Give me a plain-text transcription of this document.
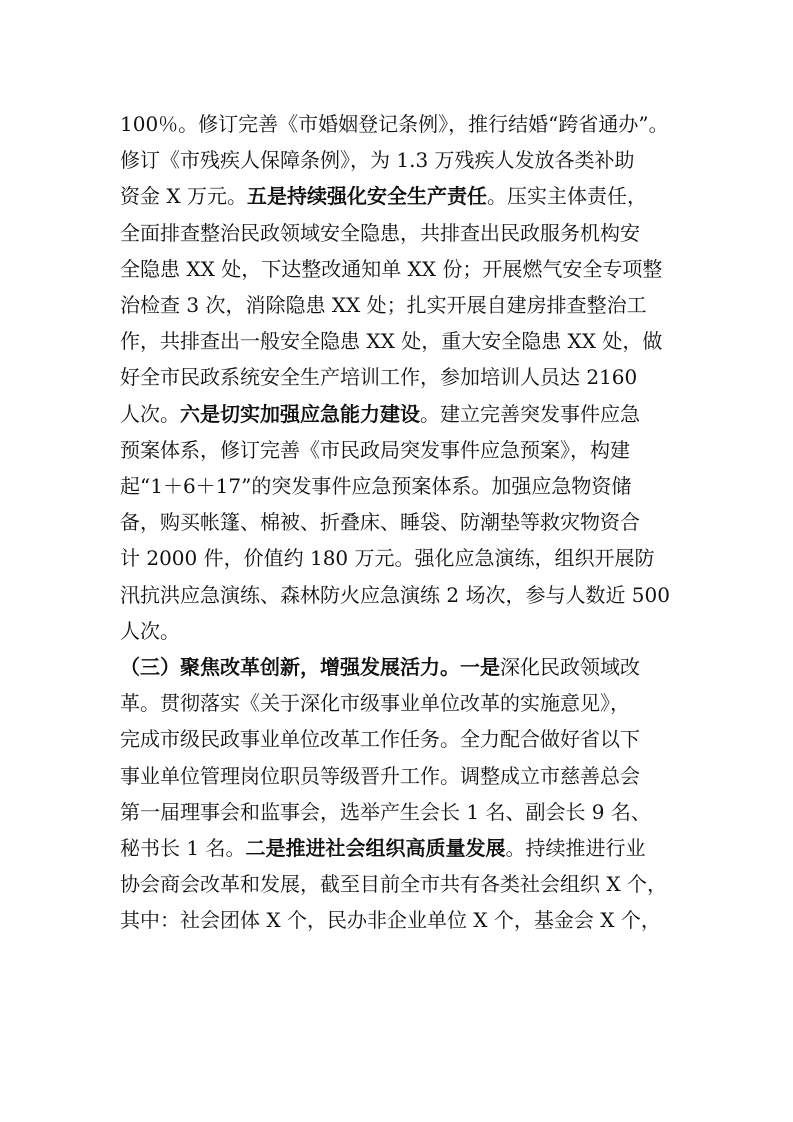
100％。修订完善《市婚姻登记条例》，推行结婚“跨省通办”。
修订《市残疾人保障条例》，为 1.3 万残疾人发放各类补助
资金 X 万元。五是持续强化安全生产责任。压实主体责任，
全面排查整治民政领域安全隐患，共排查出民政服务机构安
全隐患 XX 处，下达整改通知单 XX 份；开展燃气安全专项整
治检查 3 次，消除隐患 XX 处；扎实开展自建房排查整治工
作，共排查出一般安全隐患 XX 处，重大安全隐患 XX 处，做
好全市民政系统安全生产培训工作，参加培训人员达 2160
人次。六是切实加强应急能力建设。建立完善突发事件应急
预案体系，修订完善《市民政局突发事件应急预案》，构建
起“1＋6＋17”的突发事件应急预案体系。加强应急物资储
备，购买帐篷、棉被、折叠床、睡袋、防潮垫等救灾物资合
计 2000 件，价值约 180 万元。强化应急演练，组织开展防
汛抗洪应急演练、森林防火应急演练 2 场次，参与人数近 500
人次。
（三）聚焦改革创新，增强发展活力。一是深化民政领域改
革。贯彻落实《关于深化市级事业单位改革的实施意见》，
完成市级民政事业单位改革工作任务。全力配合做好省以下
事业单位管理岗位职员等级晋升工作。调整成立市慈善总会
第一届理事会和监事会，选举产生会长 1 名、副会长 9 名、
秘书长 1 名。二是推进社会组织高质量发展。持续推进行业
协会商会改革和发展，截至目前全市共有各类社会组织 X 个，
其中：社会团体 X 个，民办非企业单位 X 个，基金会 X 个，
